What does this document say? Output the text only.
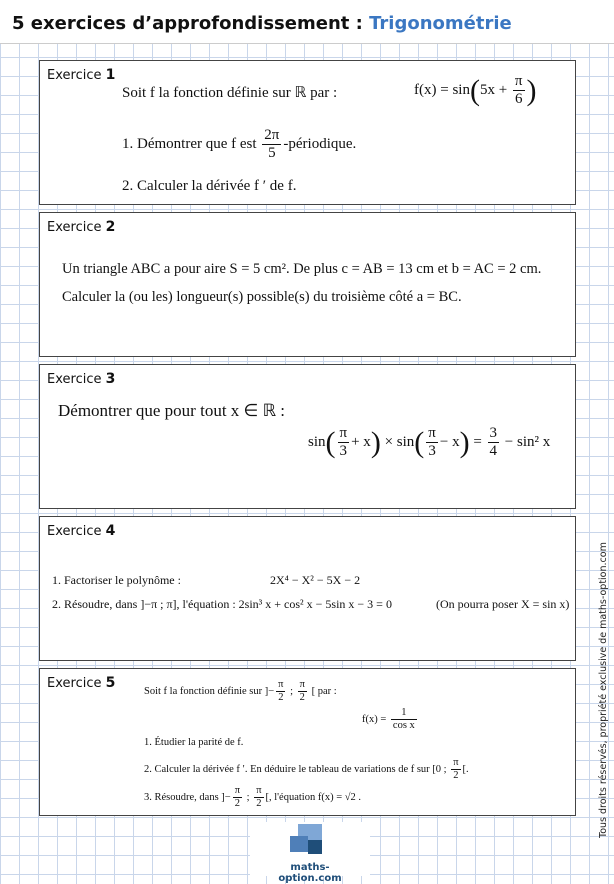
5 exercices d’approfondissement : Trigonométrie
Exercice 1
Soit f la fonction définie sur ℝ par :	$f(x) = \sin(5x + \frac{\pi}{6}$ )
1. Démontrer que f est $\frac{2\pi}{5}$ -périodique.
2. Calculer la dérivée f ′ de f.
Exercice 2
Un triangle ABC a pour aire S = 5 cm². De plus c = AB = 13 cm et b = AC = 2 cm.
Calculer la (ou les) longueur(s) possible(s) du troisième côté a = BC.
Exercice 3
Démontrer que pour tout x ∈ ℝ :
$\sin( \frac{\pi}{3} + x) \times \sin( \frac{\pi}{3} - x) = \frac{3}{4} - \sin^2$ x
Exercice 4
1. Factoriser le polynôme :	2X⁴ − X² − 5X − 2
2. Résoudre, dans ]−π ; π], l'équation : 2sin³ x + cos² x − 5sin x − 3 = 0	(On pourra poser X = sin x)
Exercice 5
Soit f la fonction définie sur ]− $\frac{\pi}{2}$ ; $\frac{\pi}{2}$ [ par :
$f(x) = \frac{1}{\text{cos x}}$
1. Étudier la parité de f.
2. Calculer la dérivée f ′. En déduire le tableau de variations de f sur [0 ; $\frac{\pi}{2}$ [.
3. Résoudre, dans ]− $\frac{\pi}{2}$ ; $\frac{\pi}{2}$ [, l'équation f(x) = √2 .	Tous droits réservés, propriété exclusive de maths-option.com
maths-option.com
